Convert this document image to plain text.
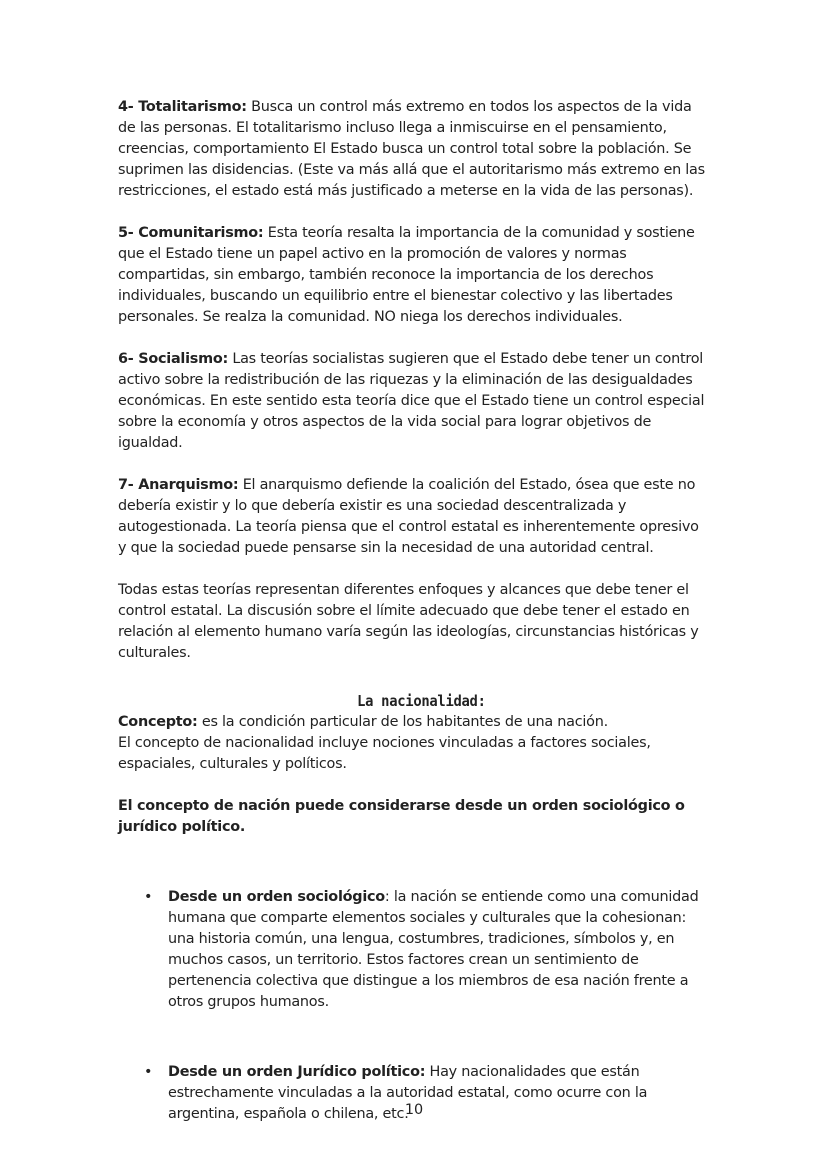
4- Totalitarismo: Busca un control más extremo en todos los aspectos de la vida de las personas. El totalitarismo incluso llega a inmiscuirse en el pensamiento, creencias, comportamiento El Estado busca un control total sobre la población. Se suprimen las disidencias. (Este va más allá que el autoritarismo más extremo en las restricciones, el estado está más justificado a meterse en la vida de las personas).

5- Comunitarismo: Esta teoría resalta la importancia de la comunidad y sostiene que el Estado tiene un papel activo en la promoción de valores y normas compartidas, sin embargo, también reconoce la importancia de los derechos individuales, buscando un equilibrio entre el bienestar colectivo y las libertades personales. Se realza la comunidad. NO niega los derechos individuales.

6- Socialismo: Las teorías socialistas sugieren que el Estado debe tener un control activo sobre la redistribución de las riquezas y la eliminación de las desigualdades económicas. En este sentido esta teoría dice que el Estado tiene un control especial sobre la economía y otros aspectos de la vida social para lograr objetivos de igualdad.

7- Anarquismo: El anarquismo defiende la coalición del Estado, ósea que este no debería existir y lo que debería existir es una sociedad descentralizada y autogestionada. La teoría piensa que el control estatal es inherentemente opresivo y que la sociedad puede pensarse sin la necesidad de una autoridad central.

Todas estas teorías representan diferentes enfoques y alcances que debe tener el control estatal. La discusión sobre el límite adecuado que debe tener el estado en relación al elemento humano varía según las ideologías, circunstancias históricas y culturales.

La nacionalidad:

Concepto: es la condición particular de los habitantes de una nación.

El concepto de nacionalidad incluye nociones vinculadas a factores sociales, espaciales, culturales y políticos.

El concepto de nación puede considerarse desde un orden sociológico o jurídico político.

• Desde un orden sociológico: la nación se entiende como una comunidad humana que comparte elementos sociales y culturales que la cohesionan: una historia común, una lengua, costumbres, tradiciones, símbolos y, en muchos casos, un territorio. Estos factores crean un sentimiento de pertenencia colectiva que distingue a los miembros de esa nación frente a otros grupos humanos.

• Desde un orden Jurídico político: Hay nacionalidades que están estrechamente vinculadas a la autoridad estatal, como ocurre con la argentina, española o chilena, etc.

10
